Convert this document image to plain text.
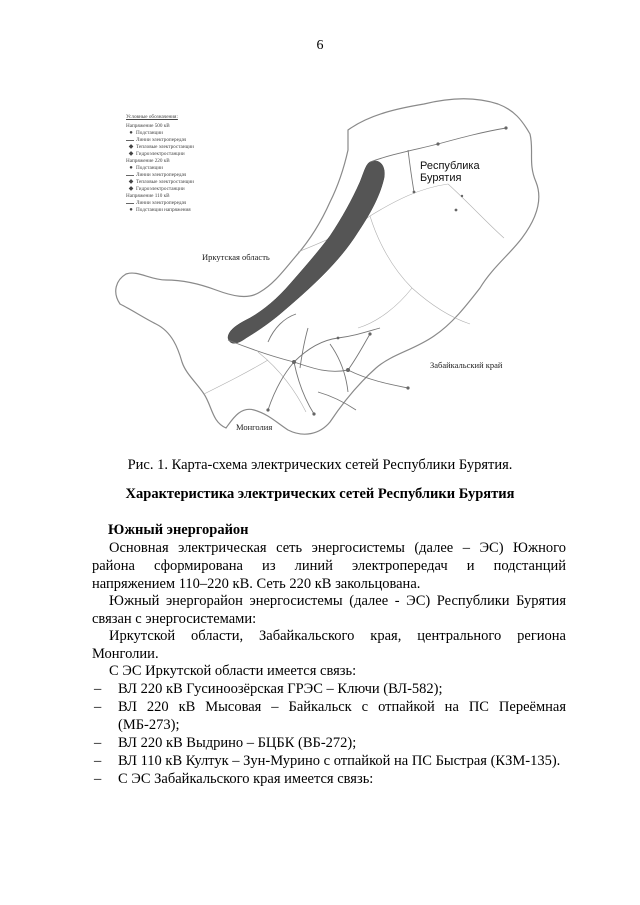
6
Условные обозначения:
Напряжение 500 кВ
● Подстанции
Линии электропередач
◆ Тепловые электростанции
◆ Гидроэлектростанции
Напряжение 220 кВ
● Подстанции
Линии электропередач
◆ Тепловые электростанции
◆ Гидроэлектростанции
Напряжение 110 кВ
Линии электропередач
● Подстанции напряжения
Республика
Бурятия
Иркутская область
Забайкальский край
Монголия
Рис. 1. Карта-схема электрических сетей Республики Бурятия.
Характеристика электрических сетей Республики Бурятия
Южный энергорайон
Основная электрическая сеть энергосистемы (далее – ЭС) Южного
района сформирована из линий электропередач и подстанций
напряжением 110–220 кВ. Сеть 220 кВ закольцована.
Южный энергорайон энергосистемы (далее - ЭС) Республики Бурятия
связан с энергосистемами:
Иркутской области, Забайкальского края, центрального региона
Монголии.
С ЭС Иркутской области имеется связь:
–	ВЛ 220 кВ Гусиноозёрская ГРЭС – Ключи (ВЛ-582);
–	ВЛ 220 кВ Мысовая – Байкальск с отпайкой на ПС Переёмная (МБ-273);
–	ВЛ 220 кВ Выдрино – БЦБК (ВБ-272);
–	ВЛ 110 кВ Култук – Зун-Мурино с отпайкой на ПС Быстрая (КЗМ-135).
–	С ЭС Забайкальского края имеется связь:
